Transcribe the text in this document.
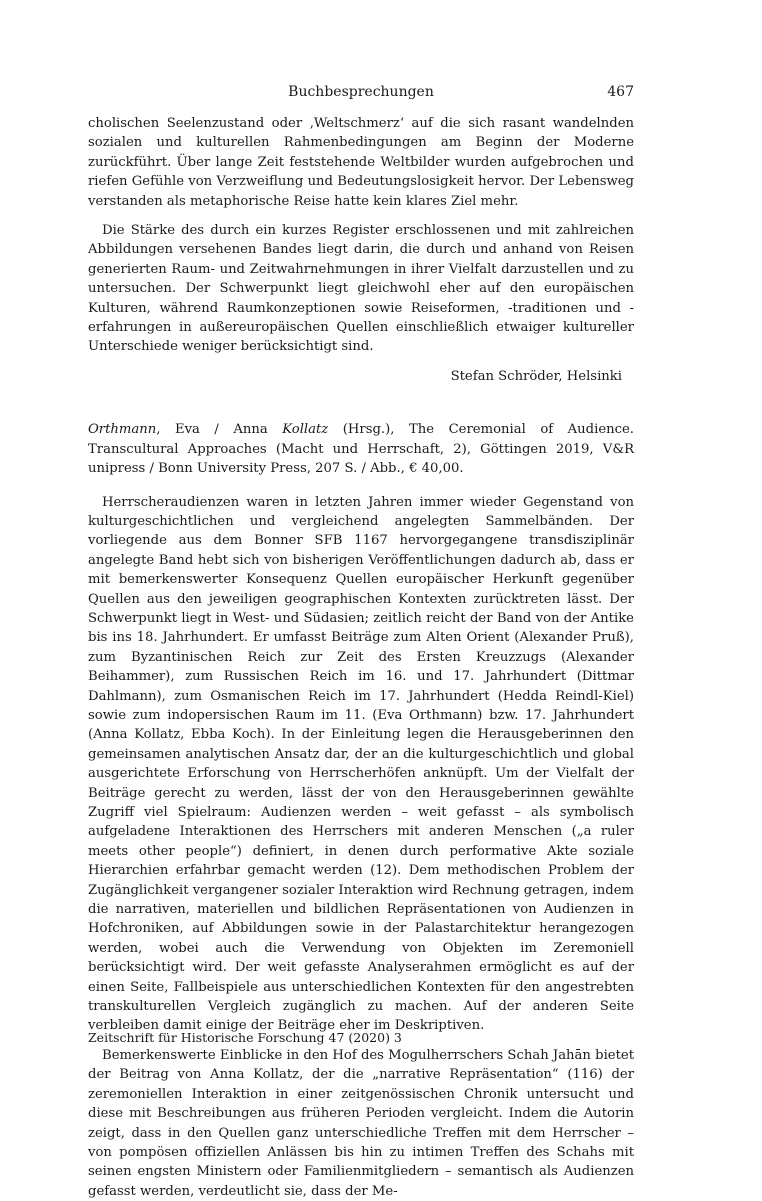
Buchbesprechungen	467

cholischen Seelenzustand oder ‚Weltschmerz‘ auf die sich rasant wandelnden sozialen und kulturellen Rahmenbedingungen am Beginn der Moderne zurückführt. Über lange Zeit feststehende Weltbilder wurden aufgebrochen und riefen Gefühle von Verzweiflung und Bedeutungslosigkeit hervor. Der Lebensweg verstanden als metaphorische Reise hatte kein klares Ziel mehr.

Die Stärke des durch ein kurzes Register erschlossenen und mit zahlreichen Abbildungen versehenen Bandes liegt darin, die durch und anhand von Reisen generierten Raum- und Zeitwahrnehmungen in ihrer Vielfalt darzustellen und zu untersuchen. Der Schwerpunkt liegt gleichwohl eher auf den europäischen Kulturen, während Raumkonzeptionen sowie Reiseformen, -traditionen und -erfahrungen in außereuropäischen Quellen einschließlich etwaiger kultureller Unterschiede weniger berücksichtigt sind.

Stefan Schröder, Helsinki

Orthmann, Eva / Anna Kollatz (Hrsg.), The Ceremonial of Audience. Transcultural Approaches (Macht und Herrschaft, 2), Göttingen 2019, V&R unipress / Bonn University Press, 207 S. / Abb., € 40,00.

Herrscheraudienzen waren in letzten Jahren immer wieder Gegenstand von kulturgeschichtlichen und vergleichend angelegten Sammelbänden. Der vorliegende aus dem Bonner SFB 1167 hervorgegangene transdisziplinär angelegte Band hebt sich von bisherigen Veröffentlichungen dadurch ab, dass er mit bemerkenswerter Konsequenz Quellen europäischer Herkunft gegenüber Quellen aus den jeweiligen geographischen Kontexten zurücktreten lässt. Der Schwerpunkt liegt in West- und Südasien; zeitlich reicht der Band von der Antike bis ins 18. Jahrhundert. Er umfasst Beiträge zum Alten Orient (Alexander Pruß), zum Byzantinischen Reich zur Zeit des Ersten Kreuzzugs (Alexander Beihammer), zum Russischen Reich im 16. und 17. Jahrhundert (Dittmar Dahlmann), zum Osmanischen Reich im 17. Jahrhundert (Hedda Reindl-Kiel) sowie zum indopersischen Raum im 11. (Eva Orthmann) bzw. 17. Jahrhundert (Anna Kollatz, Ebba Koch). In der Einleitung legen die Herausgeberinnen den gemeinsamen analytischen Ansatz dar, der an die kulturgeschichtlich und global ausgerichtete Erforschung von Herrscherhöfen anknüpft. Um der Vielfalt der Beiträge gerecht zu werden, lässt der von den Herausgeberinnen gewählte Zugriff viel Spielraum: Audienzen werden – weit gefasst – als symbolisch aufgeladene Interaktionen des Herrschers mit anderen Menschen („a ruler meets other people“) definiert, in denen durch performative Akte soziale Hierarchien erfahrbar gemacht werden (12). Dem methodischen Problem der Zugänglichkeit vergangener sozialer Interaktion wird Rechnung getragen, indem die narrativen, materiellen und bildlichen Repräsentationen von Audienzen in Hofchroniken, auf Abbildungen sowie in der Palastarchitektur herangezogen werden, wobei auch die Verwendung von Objekten im Zeremoniell berücksichtigt wird. Der weit gefasste Analyserahmen ermöglicht es auf der einen Seite, Fallbeispiele aus unterschiedlichen Kontexten für den angestrebten transkulturellen Vergleich zugänglich zu machen. Auf der anderen Seite verbleiben damit einige der Beiträge eher im Deskriptiven.

Bemerkenswerte Einblicke in den Hof des Mogulherrschers Schah Jahān bietet der Beitrag von Anna Kollatz, der die „narrative Repräsentation“ (116) der zeremoniellen Interaktion in einer zeitgenössischen Chronik untersucht und diese mit Beschreibungen aus früheren Perioden vergleicht. Indem die Autorin zeigt, dass in den Quellen ganz unterschiedliche Treffen mit dem Herrscher – von pompösen offiziellen Anlässen bis hin zu intimen Treffen des Schahs mit seinen engsten Ministern oder Familienmitgliedern – semantisch als Audienzen gefasst werden, verdeutlicht sie, dass der Me-

Zeitschrift für Historische Forschung 47 (2020) 3
